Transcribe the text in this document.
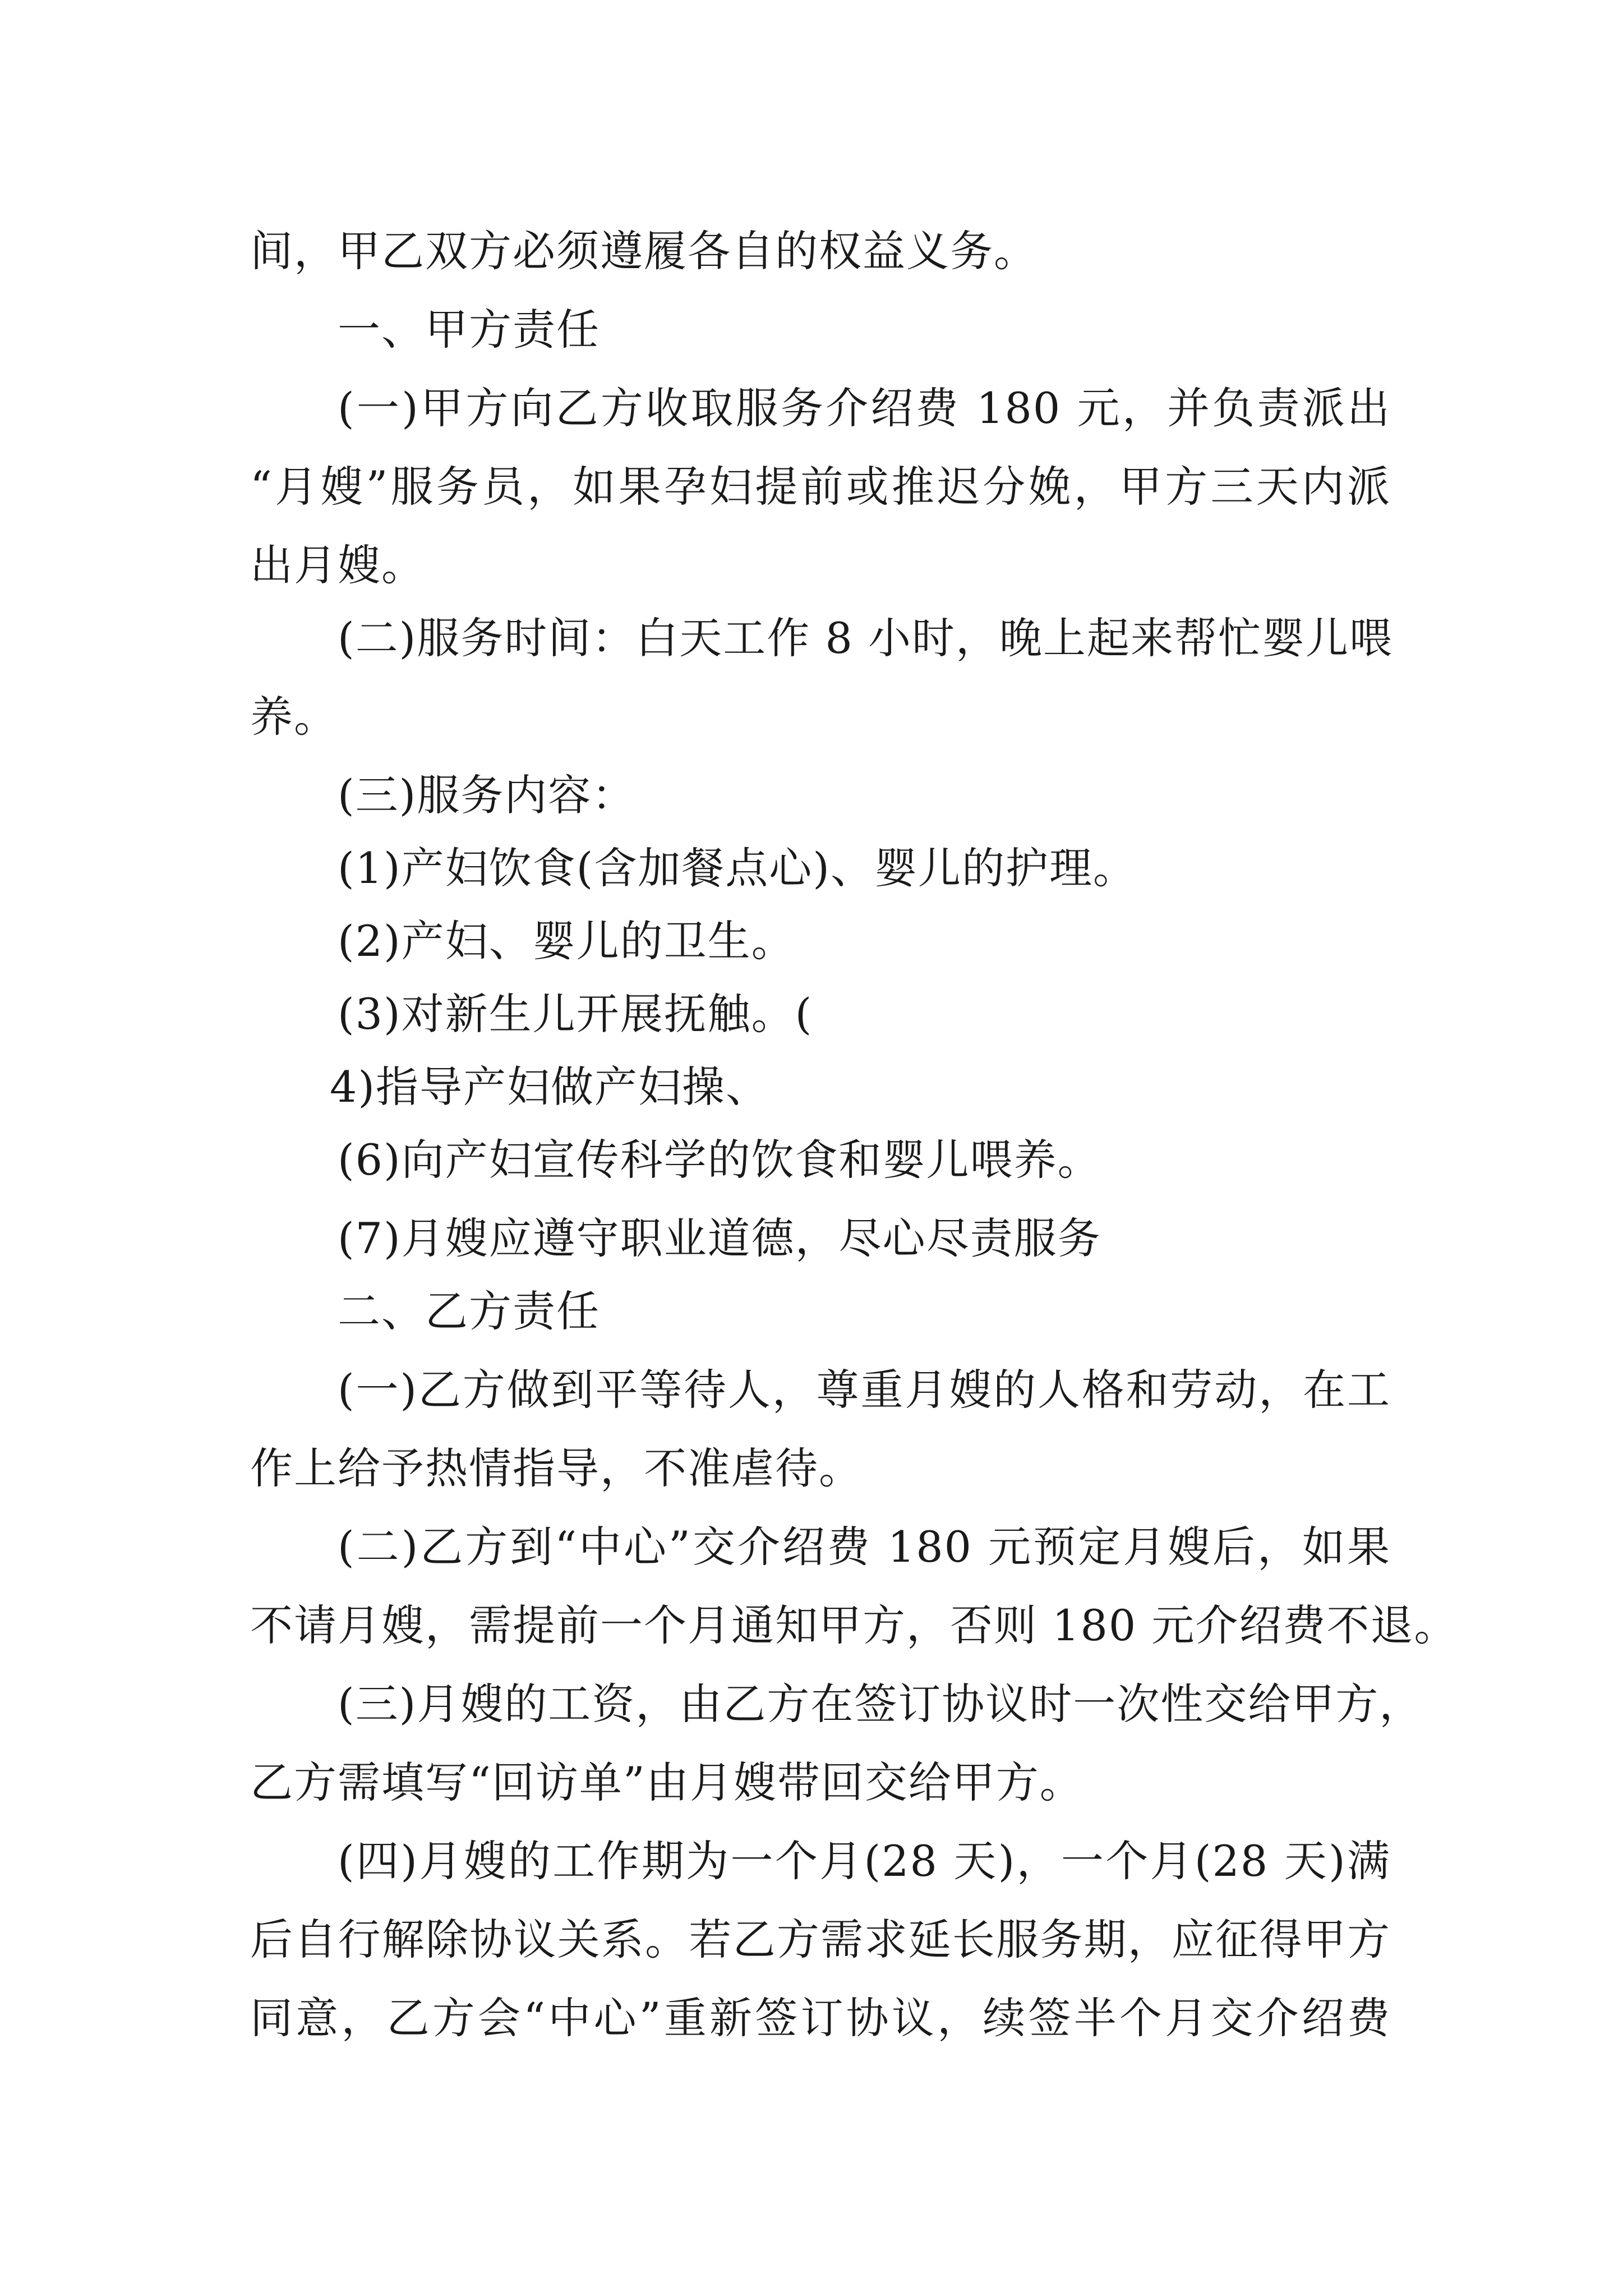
间，甲乙双方必须遵履各自的权益义务。
一、甲方责任
(一)甲方向乙方收取服务介绍费 180 元，并负责派出
“月嫂”服务员，如果孕妇提前或推迟分娩，甲方三天内派
出月嫂。
(二)服务时间：白天工作 8 小时，晚上起来帮忙婴儿喂
养。
(三)服务内容：
(1)产妇饮食(含加餐点心)、婴儿的护理。
(2)产妇、婴儿的卫生。
(3)对新生儿开展抚触。(
4)指导产妇做产妇操、
(6)向产妇宣传科学的饮食和婴儿喂养。
(7)月嫂应遵守职业道德，尽心尽责服务
二、乙方责任
(一)乙方做到平等待人，尊重月嫂的人格和劳动，在工
作上给予热情指导，不准虐待。
(二)乙方到“中心”交介绍费 180 元预定月嫂后，如果
不请月嫂，需提前一个月通知甲方，否则 180 元介绍费不退。
(三)月嫂的工资，由乙方在签订协议时一次性交给甲方，
乙方需填写“回访单”由月嫂带回交给甲方。
(四)月嫂的工作期为一个月(28 天)，一个月(28 天)满
后自行解除协议关系。若乙方需求延长服务期，应征得甲方
同意，乙方会“中心”重新签订协议，续签半个月交介绍费
